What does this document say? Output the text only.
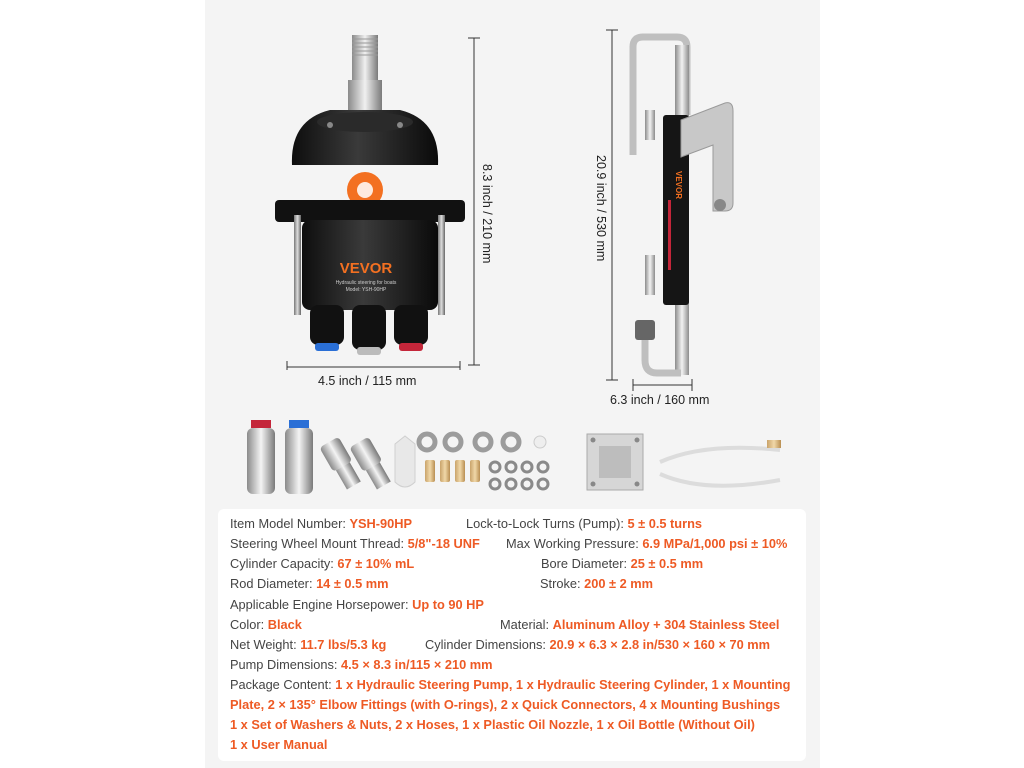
VEVOR
Hydraulic steering for boats
Model: YSH-90HP
8.3 inch / 210 mm
4.5 inch / 115 mm
VEVOR
20.9 inch / 530 mm
6.3 inch / 160 mm
Item Model Number: YSH-90HP	Lock-to-Lock Turns (Pump): 5 ± 0.5 turns
Steering Wheel Mount Thread: 5/8"-18 UNF Max Working Pressure: 6.9 MPa/1,000 psi ± 10%
Cylinder Capacity: 67 ± 10% mL	Bore Diameter: 25 ± 0.5 mm
Rod Diameter: 14 ± 0.5 mm	Stroke: 200 ± 2 mm
Applicable Engine Horsepower: Up to 90 HP
Color: Black	Material: Aluminum Alloy + 304 Stainless Steel
Net Weight: 11.7 lbs/5.3 kg	Cylinder Dimensions: 20.9 × 6.3 × 2.8 in/530 × 160 × 70 mm
Pump Dimensions: 4.5 × 8.3 in/115 × 210 mm
Package Content: 1 x Hydraulic Steering Pump, 1 x Hydraulic Steering Cylinder, 1 x Mounting
Plate, 2 × 135° Elbow Fittings (with O-rings), 2 x Quick Connectors, 4 x Mounting Bushings
1 x Set of Washers & Nuts, 2 x Hoses, 1 x Plastic Oil Nozzle, 1 x Oil Bottle (Without Oil)
1 x User Manual
